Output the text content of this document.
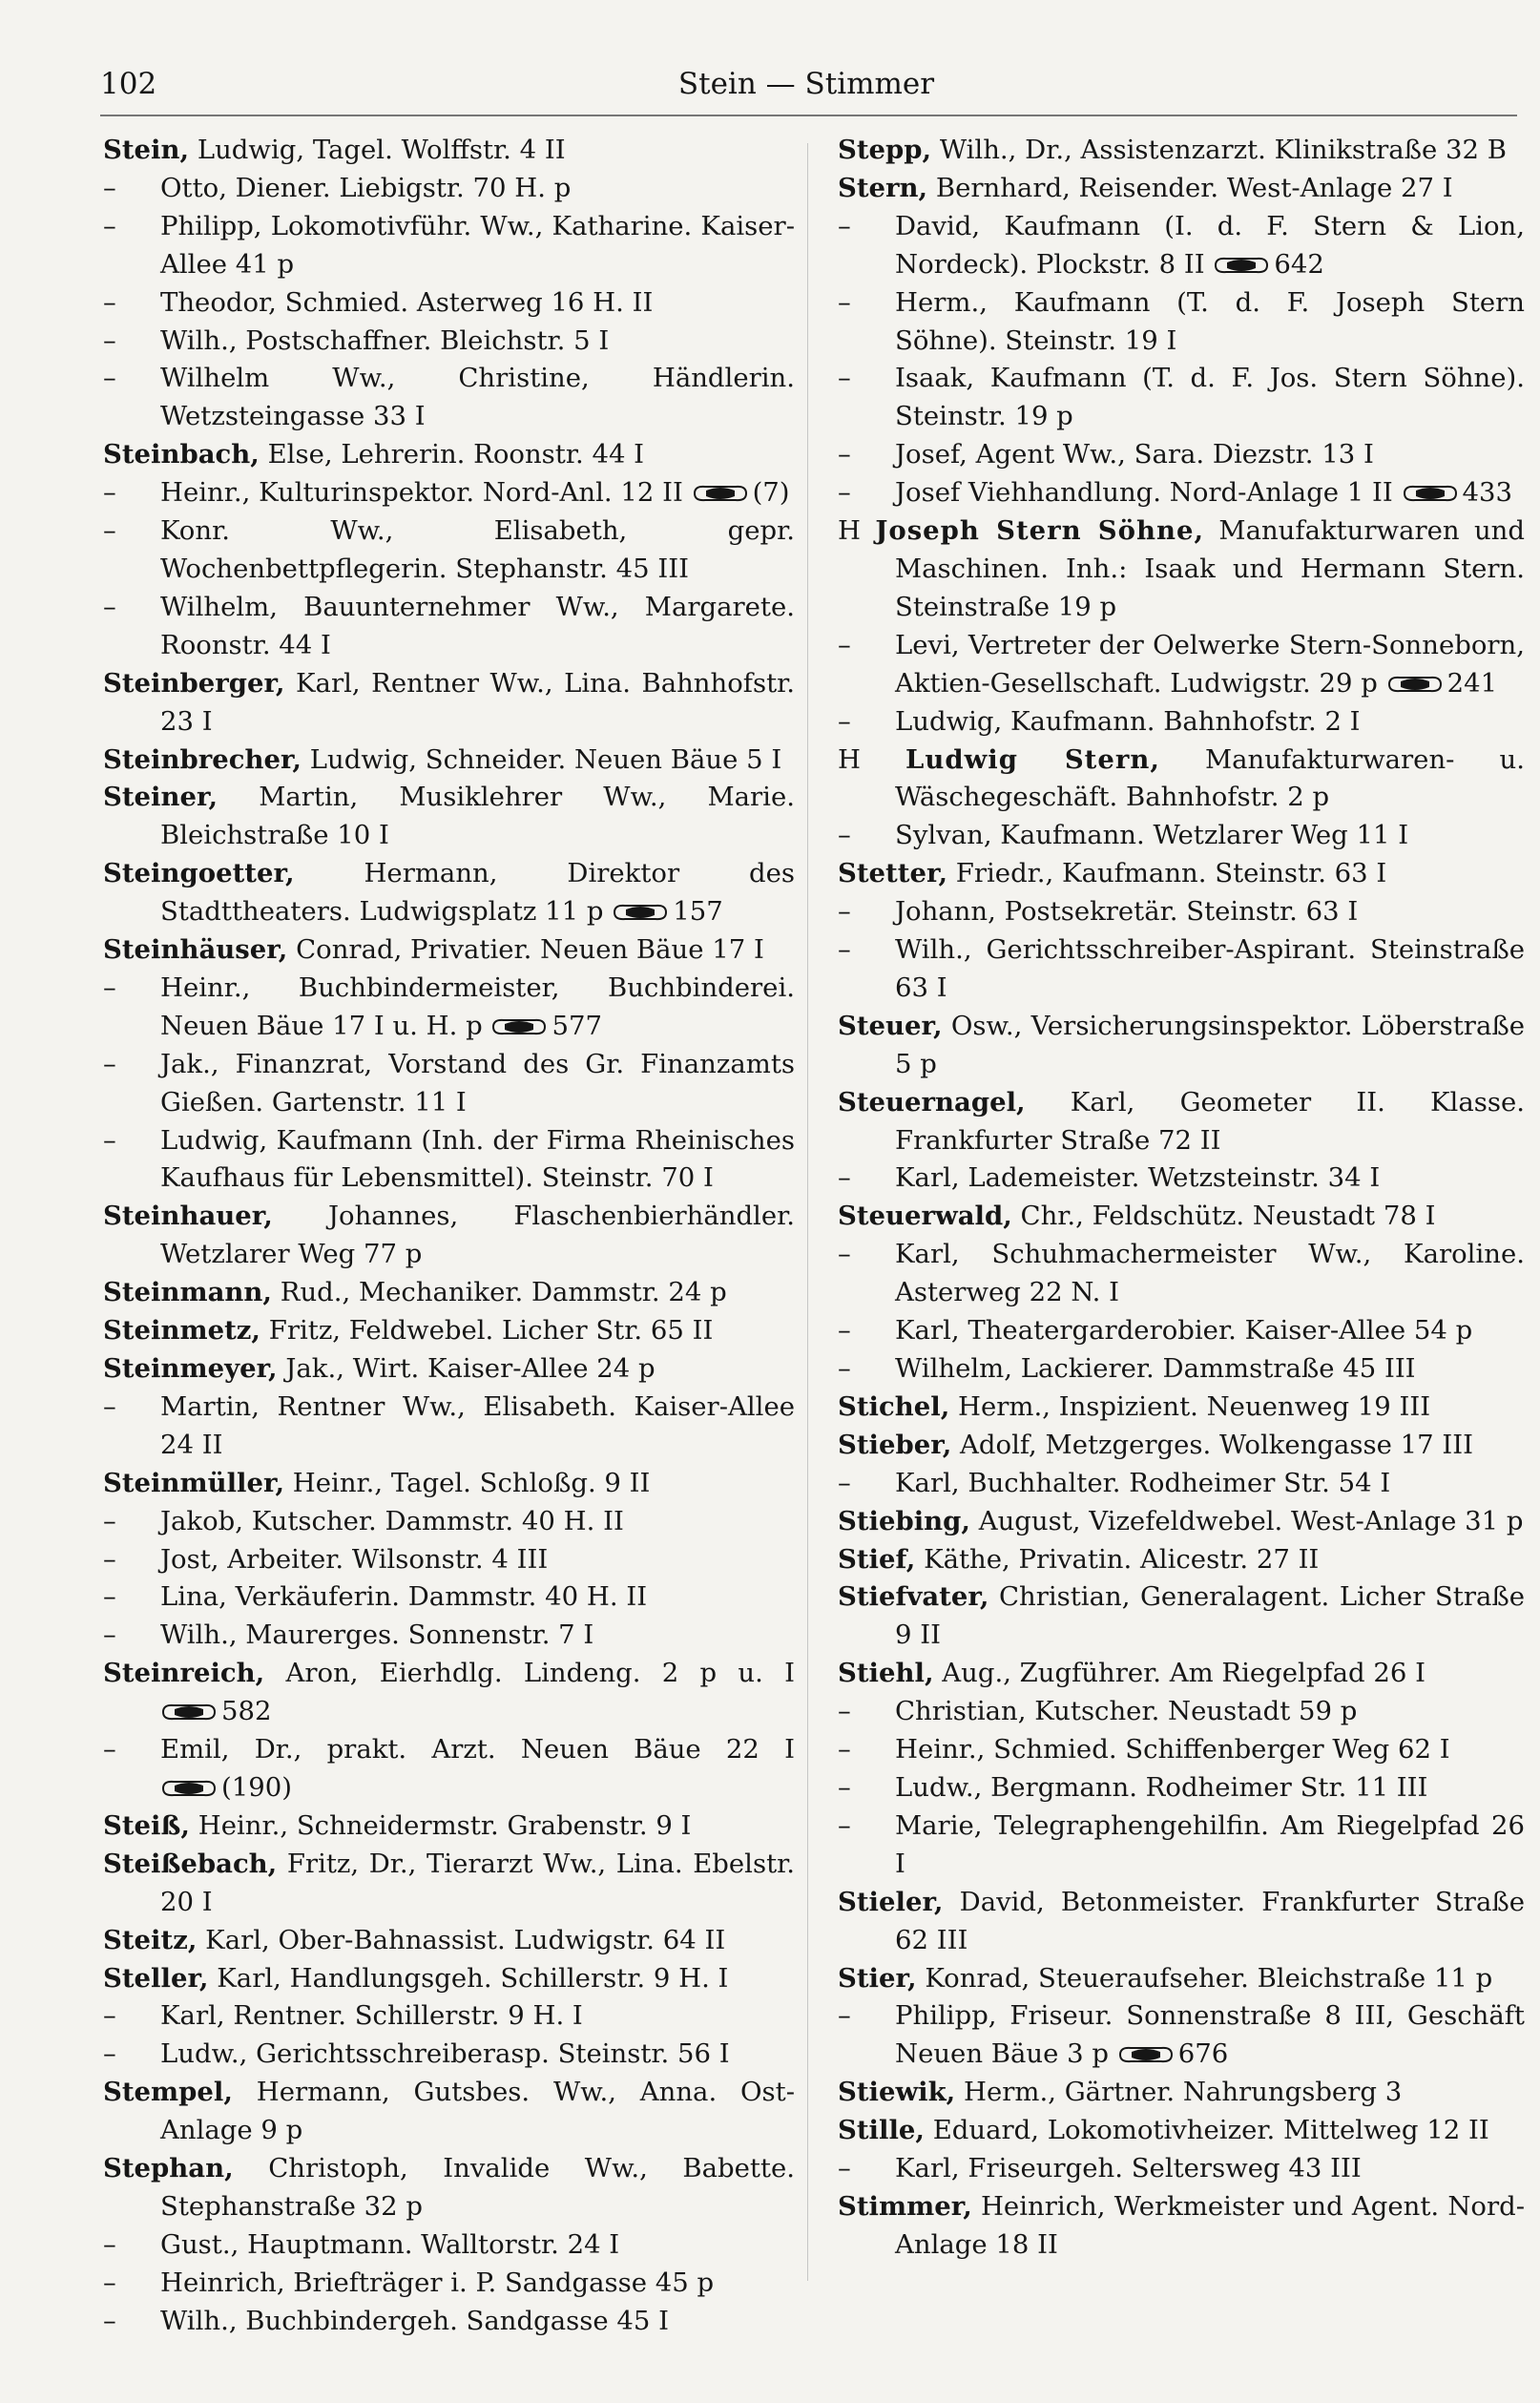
102	Stein — Stimmer
Stein, Ludwig, Tagel. Wolffstr. 4 II
– Otto, Diener. Liebigstr. 70 H. p
– Philipp, Lokomotivführ. Ww., Katharine. Kaiser-Allee 41 p
– Theodor, Schmied. Asterweg 16 H. II
– Wilh., Postschaffner. Bleichstr. 5 I
– Wilhelm Ww., Christine, Händlerin. Wetzsteingasse 33 I
Steinbach, Else, Lehrerin. Roonstr. 44 I
– Heinr., Kulturinspektor. Nord-Anl. 12 II	(7)
– Konr. Ww., Elisabeth, gepr. Wochenbettpflegerin. Stephanstr. 45 III
– Wilhelm, Bauunternehmer Ww., Margarete. Roonstr. 44 I
Steinberger, Karl, Rentner Ww., Lina. Bahnhofstr. 23 I
Steinbrecher, Ludwig, Schneider. Neuen Bäue 5 I
Steiner, Martin, Musiklehrer Ww., Marie. Bleichstraße 10 I
Steingoetter,	Hermann, Direktor des Stadttheaters. Ludwigsplatz 11 p	157
Steinhäuser, Conrad, Privatier. Neuen Bäue 17 I
– Heinr., Buchbindermeister, Buchbinderei. Neuen Bäue 17 I u. H. p	577
– Jak., Finanzrat, Vorstand des Gr. Finanzamts Gießen. Gartenstr. 11 I
– Ludwig, Kaufmann (Inh. der Firma Rheinisches Kaufhaus für Lebensmittel). Steinstr. 70 I
Steinhauer, Johannes, Flaschenbierhändler. Wetzlarer Weg 77 p
Steinmann, Rud., Mechaniker. Dammstr. 24 p
Steinmetz, Fritz, Feldwebel. Licher Str. 65 II
Steinmeyer, Jak., Wirt. Kaiser-Allee 24 p
– Martin, Rentner Ww., Elisabeth. Kaiser-Allee 24 II
Steinmüller, Heinr., Tagel. Schloßg. 9 II
– Jakob, Kutscher. Dammstr. 40 H. II
– Jost, Arbeiter. Wilsonstr. 4 III
– Lina, Verkäuferin. Dammstr. 40 H. II
– Wilh., Maurerges. Sonnenstr. 7 I
Steinreich, Aron, Eierhdlg. Lindeng. 2 p u. I 582
– Emil, Dr., prakt. Arzt. Neuen Bäue 22 I (190)
Steiß, Heinr., Schneidermstr. Grabenstr. 9 I
Steißebach, Fritz, Dr., Tierarzt Ww., Lina. Ebelstr. 20 I
Steitz, Karl, Ober-Bahnassist. Ludwigstr. 64 II
Steller, Karl, Handlungsgeh. Schillerstr. 9 H. I
– Karl, Rentner. Schillerstr. 9 H. I
– Ludw., Gerichtsschreiberasp. Steinstr. 56 I
Stempel, Hermann, Gutsbes. Ww., Anna. Ost-Anlage 9 p
Stephan, Christoph, Invalide Ww., Babette. Stephanstraße 32 p
– Gust., Hauptmann. Walltorstr. 24 I
– Heinrich, Briefträger i. P. Sandgasse 45 p
– Wilh., Buchbindergeh. Sandgasse 45 I
Stepp, Wilh., Dr., Assistenzarzt. Klinikstraße 32 B
Stern, Bernhard, Reisender. West-Anlage 27 I
– David, Kaufmann (I. d. F. Stern & Lion, Nordeck). Plockstr. 8 II	642
– Herm., Kaufmann (T. d. F. Joseph Stern Söhne). Steinstr. 19 I
– Isaak, Kaufmann (T. d. F. Jos. Stern Söhne). Steinstr. 19 p
– Josef, Agent Ww., Sara. Diezstr. 13 I
– Josef Viehhandlung. Nord-Anlage 1 II	433
H Joseph Stern Söhne, Manufakturwaren und Maschinen. Inh.: Isaak und Hermann Stern. Steinstraße 19 p
– Levi, Vertreter der Oelwerke Stern-Sonneborn, Aktien-Gesellschaft. Ludwigstr. 29 p	241
– Ludwig, Kaufmann. Bahnhofstr. 2 I
H Ludwig Stern, Manufakturwaren- u. Wäschegeschäft. Bahnhofstr. 2 p
– Sylvan, Kaufmann. Wetzlarer Weg 11 I
Stetter, Friedr., Kaufmann. Steinstr. 63 I
– Johann, Postsekretär. Steinstr. 63 I
– Wilh., Gerichtsschreiber-Aspirant. Steinstraße 63 I
Steuer, Osw., Versicherungsinspektor. Löberstraße 5 p
Steuernagel, Karl, Geometer II. Klasse. Frankfurter Straße 72 II
– Karl, Lademeister. Wetzsteinstr. 34 I
Steuerwald, Chr., Feldschütz. Neustadt 78 I
– Karl, Schuhmachermeister Ww., Karoline. Asterweg 22 N. I
– Karl, Theatergarderobier. Kaiser-Allee 54 p
– Wilhelm, Lackierer. Dammstraße 45 III
Stichel, Herm., Inspizient. Neuenweg 19 III
Stieber, Adolf, Metzgerges. Wolkengasse 17 III
– Karl, Buchhalter. Rodheimer Str. 54 I
Stiebing, August, Vizefeldwebel. West-Anlage 31 p
Stief, Käthe, Privatin. Alicestr. 27 II
Stiefvater, Christian, Generalagent. Licher Straße 9 II
Stiehl, Aug., Zugführer. Am Riegelpfad 26 I
– Christian, Kutscher. Neustadt 59 p
– Heinr., Schmied. Schiffenberger Weg 62 I
– Ludw., Bergmann. Rodheimer Str. 11 III
– Marie, Telegraphengehilfin. Am Riegelpfad 26 I
Stieler, David, Betonmeister. Frankfurter Straße 62 III
Stier, Konrad, Steueraufseher. Bleichstraße 11 p
– Philipp, Friseur. Sonnenstraße 8 III, Geschäft Neuen Bäue 3 p	676
Stiewik, Herm., Gärtner. Nahrungsberg 3
Stille, Eduard, Lokomotivheizer. Mittelweg 12 II
– Karl, Friseurgeh. Seltersweg 43 III
Stimmer, Heinrich, Werkmeister und Agent. Nord-Anlage 18 II
